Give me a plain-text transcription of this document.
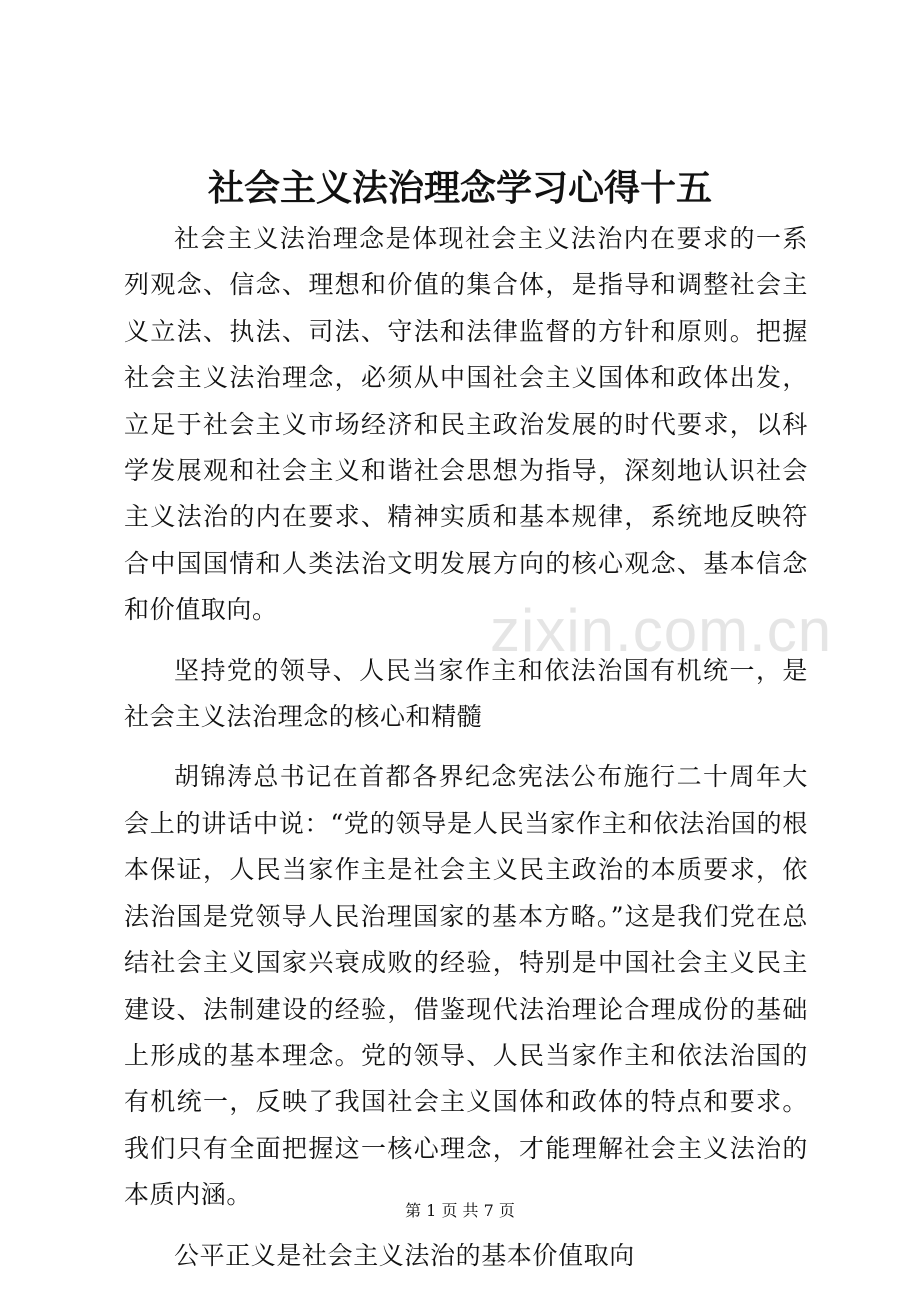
社会主义法治理念学习心得十五

社会主义法治理念是体现社会主义法治内在要求的一系列观念、信念、理想和价值的集合体，是指导和调整社会主义立法、执法、司法、守法和法律监督的方针和原则。把握社会主义法治理念，必须从中国社会主义国体和政体出发，立足于社会主义市场经济和民主政治发展的时代要求，以科学发展观和社会主义和谐社会思想为指导，深刻地认识社会主义法治的内在要求、精神实质和基本规律，系统地反映符合中国国情和人类法治文明发展方向的核心观念、基本信念和价值取向。

坚持党的领导、人民当家作主和依法治国有机统一，是社会主义法治理念的核心和精髓

胡锦涛总书记在首都各界纪念宪法公布施行二十周年大会上的讲话中说：“党的领导是人民当家作主和依法治国的根本保证，人民当家作主是社会主义民主政治的本质要求，依法治国是党领导人民治理国家的基本方略。”这是我们党在总结社会主义国家兴衰成败的经验，特别是中国社会主义民主建设、法制建设的经验，借鉴现代法治理论合理成份的基础上形成的基本理念。党的领导、人民当家作主和依法治国的有机统一，反映了我国社会主义国体和政体的特点和要求。我们只有全面把握这一核心理念，才能理解社会主义法治的本质内涵。

公平正义是社会主义法治的基本价值取向

zixin.com.cn
第 1 页 共 7 页
